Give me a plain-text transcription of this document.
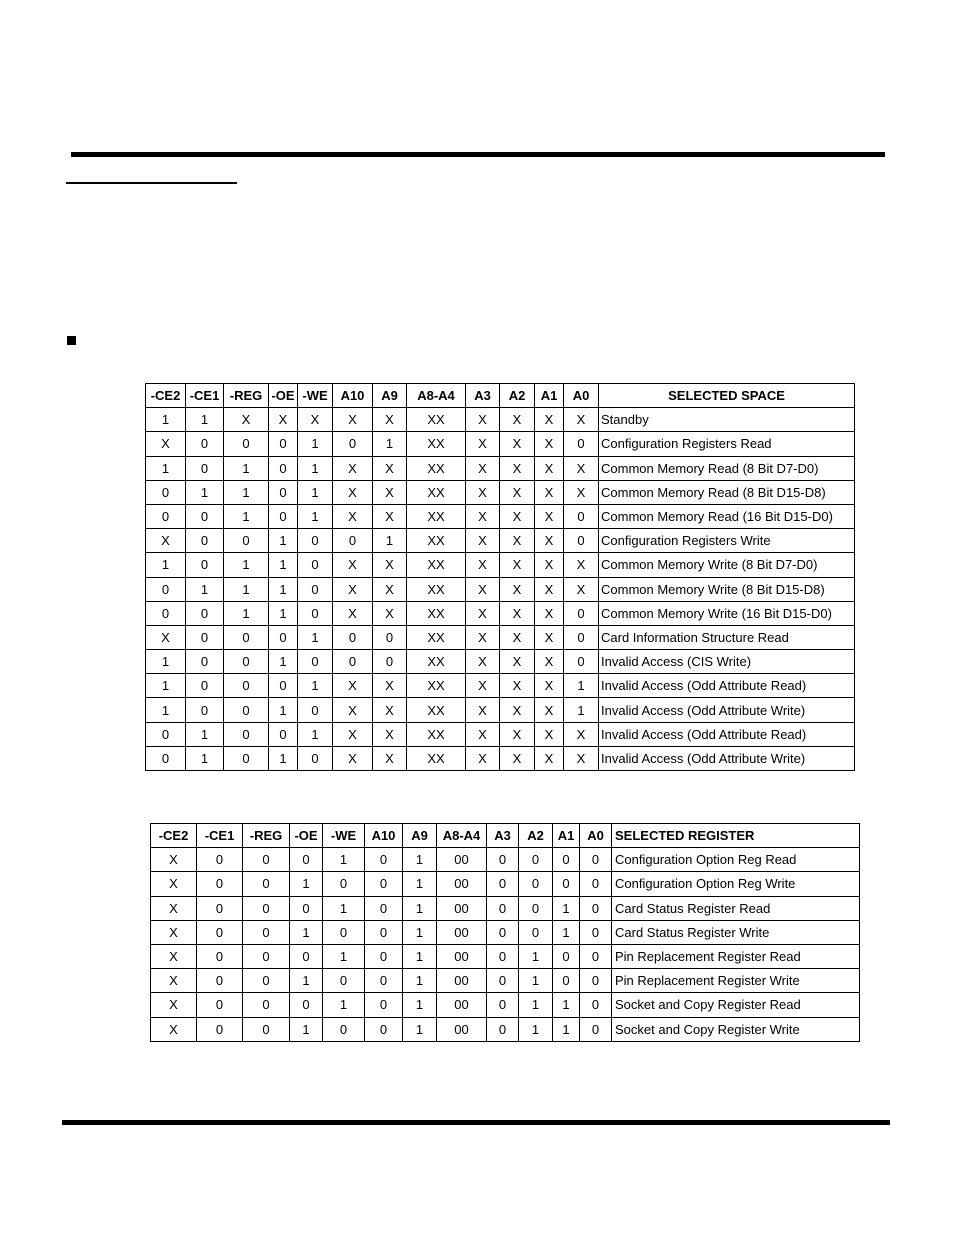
-CE2	-CE1	-REG	-OE	-WE	A10	A9	A8-A4	A3	A2	A1	A0	SELECTED SPACE
1	1	X	X	X	X	X	XX	X	X	X	X	Standby
X	0	0	0	1	0	1	XX	X	X	X	0	Configuration Registers Read
1	0	1	0	1	X	X	XX	X	X	X	X	Common Memory Read (8 Bit D7-D0)
0	1	1	0	1	X	X	XX	X	X	X	X	Common Memory Read (8 Bit D15-D8)
0	0	1	0	1	X	X	XX	X	X	X	0	Common Memory Read (16 Bit D15-D0)
X	0	0	1	0	0	1	XX	X	X	X	0	Configuration Registers Write
1	0	1	1	0	X	X	XX	X	X	X	X	Common Memory Write (8 Bit D7-D0)
0	1	1	1	0	X	X	XX	X	X	X	X	Common Memory Write (8 Bit D15-D8)
0	0	1	1	0	X	X	XX	X	X	X	0	Common Memory Write (16 Bit D15-D0)
X	0	0	0	1	0	0	XX	X	X	X	0	Card Information Structure Read
1	0	0	1	0	0	0	XX	X	X	X	0	Invalid Access (CIS Write)
1	0	0	0	1	X	X	XX	X	X	X	1	Invalid Access (Odd Attribute Read)
1	0	0	1	0	X	X	XX	X	X	X	1	Invalid Access (Odd Attribute Write)
0	1	0	0	1	X	X	XX	X	X	X	X	Invalid Access (Odd Attribute Read)
0	1	0	1	0	X	X	XX	X	X	X	X	Invalid Access (Odd Attribute Write)
-CE2	-CE1	-REG	-OE	-WE	A10	A9	A8-A4	A3	A2	A1	A0	SELECTED REGISTER
X	0	0	0	1	0	1	00	0	0	0	0	Configuration Option Reg Read
X	0	0	1	0	0	1	00	0	0	0	0	Configuration Option Reg Write
X	0	0	0	1	0	1	00	0	0	1	0	Card Status Register Read
X	0	0	1	0	0	1	00	0	0	1	0	Card Status Register Write
X	0	0	0	1	0	1	00	0	1	0	0	Pin Replacement Register Read
X	0	0	1	0	0	1	00	0	1	0	0	Pin Replacement Register Write
X	0	0	0	1	0	1	00	0	1	1	0	Socket and Copy Register Read
X	0	0	1	0	0	1	00	0	1	1	0	Socket and Copy Register Write
